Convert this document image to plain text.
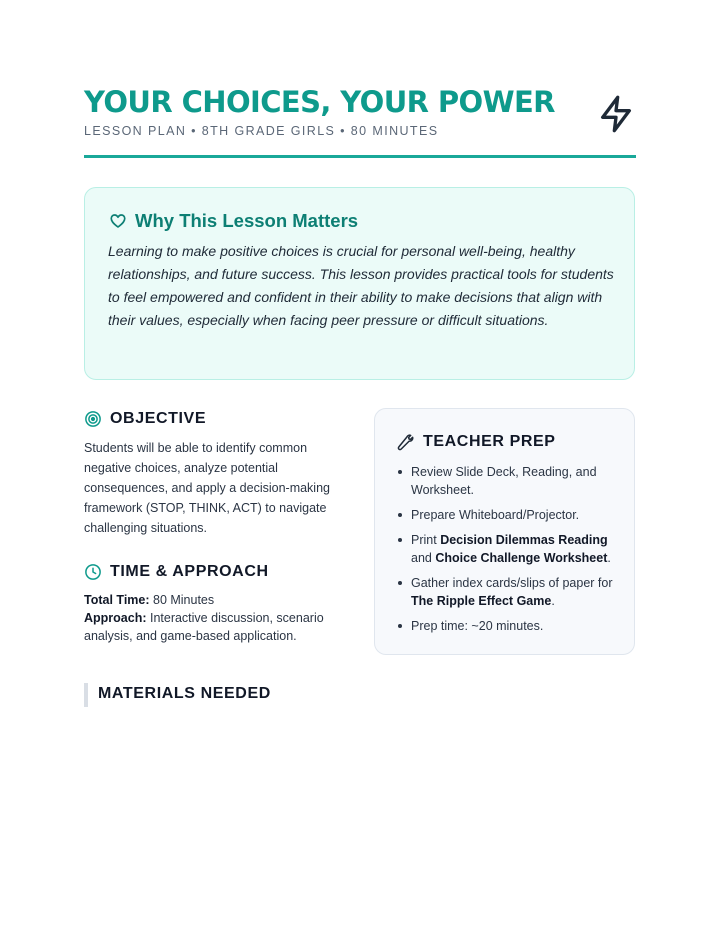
YOUR CHOICES, YOUR POWER
LESSON PLAN • 8TH GRADE GIRLS • 80 MINUTES
Why This Lesson Matters

Learning to make positive choices is crucial for personal well-being, healthy relationships, and future success. This lesson provides practical tools for students to feel empowered and confident in their ability to make decisions that align with their values, especially when facing peer pressure or difficult situations.

OBJECTIVE

Students will be able to identify common negative choices, analyze potential consequences, and apply a decision-making framework (STOP, THINK, ACT) to navigate challenging situations.

TIME & APPROACH
Total Time: 80 Minutes
Approach: Interactive discussion, scenario analysis, and game-based application.
TEACHER PREP
Review Slide Deck, Reading, and Worksheet.
Prepare Whiteboard/Projector.
Print Decision Dilemmas Reading and Choice Challenge Worksheet.
Gather index cards/slips of paper for The Ripple Effect Game.
Prep time: ~20 minutes.
MATERIALS NEEDED
